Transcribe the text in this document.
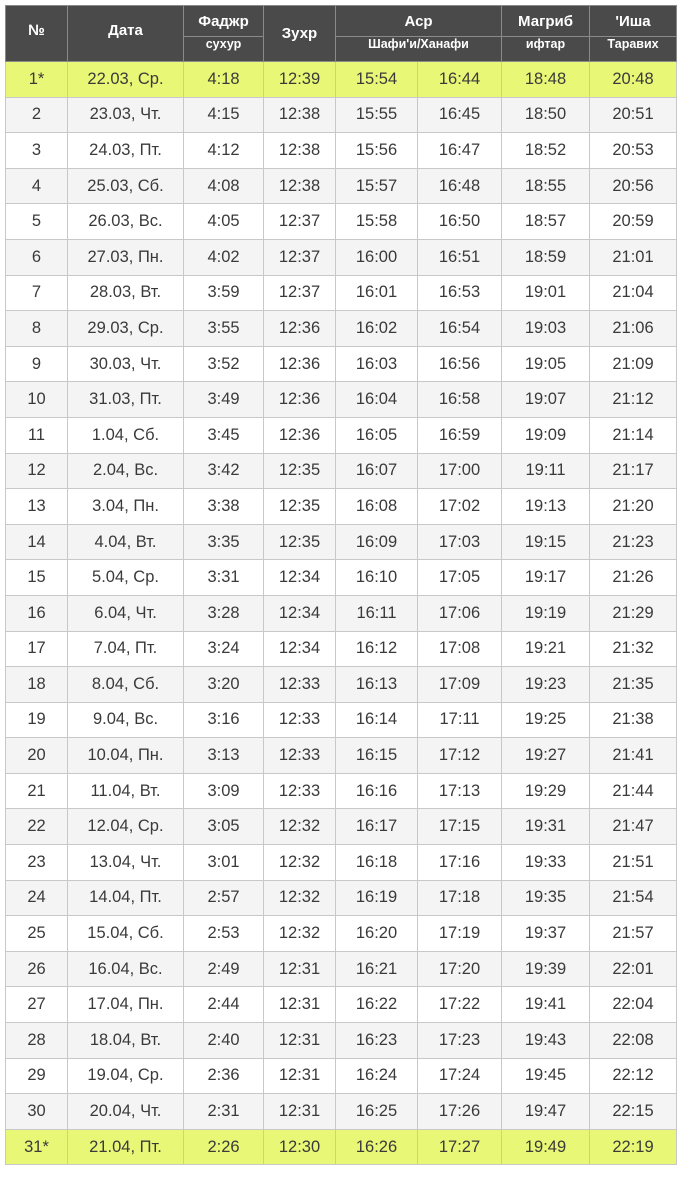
№	Дата	Фаджр	Зухр	Аср		Магриб	'Иша
		сухур		Шафи'и/Ханафи		ифтар	Таравих
1*	22.03, Ср.	4:18	12:39	15:54	16:44	18:48	20:48
2	23.03, Чт.	4:15	12:38	15:55	16:45	18:50	20:51
3	24.03, Пт.	4:12	12:38	15:56	16:47	18:52	20:53
4	25.03, Сб.	4:08	12:38	15:57	16:48	18:55	20:56
5	26.03, Вс.	4:05	12:37	15:58	16:50	18:57	20:59
6	27.03, Пн.	4:02	12:37	16:00	16:51	18:59	21:01
7	28.03, Вт.	3:59	12:37	16:01	16:53	19:01	21:04
8	29.03, Ср.	3:55	12:36	16:02	16:54	19:03	21:06
9	30.03, Чт.	3:52	12:36	16:03	16:56	19:05	21:09
10	31.03, Пт.	3:49	12:36	16:04	16:58	19:07	21:12
11	1.04, Сб.	3:45	12:36	16:05	16:59	19:09	21:14
12	2.04, Вс.	3:42	12:35	16:07	17:00	19:11	21:17
13	3.04, Пн.	3:38	12:35	16:08	17:02	19:13	21:20
14	4.04, Вт.	3:35	12:35	16:09	17:03	19:15	21:23
15	5.04, Ср.	3:31	12:34	16:10	17:05	19:17	21:26
16	6.04, Чт.	3:28	12:34	16:11	17:06	19:19	21:29
17	7.04, Пт.	3:24	12:34	16:12	17:08	19:21	21:32
18	8.04, Сб.	3:20	12:33	16:13	17:09	19:23	21:35
19	9.04, Вс.	3:16	12:33	16:14	17:11	19:25	21:38
20	10.04, Пн.	3:13	12:33	16:15	17:12	19:27	21:41
21	11.04, Вт.	3:09	12:33	16:16	17:13	19:29	21:44
22	12.04, Ср.	3:05	12:32	16:17	17:15	19:31	21:47
23	13.04, Чт.	3:01	12:32	16:18	17:16	19:33	21:51
24	14.04, Пт.	2:57	12:32	16:19	17:18	19:35	21:54
25	15.04, Сб.	2:53	12:32	16:20	17:19	19:37	21:57
26	16.04, Вс.	2:49	12:31	16:21	17:20	19:39	22:01
27	17.04, Пн.	2:44	12:31	16:22	17:22	19:41	22:04
28	18.04, Вт.	2:40	12:31	16:23	17:23	19:43	22:08
29	19.04, Ср.	2:36	12:31	16:24	17:24	19:45	22:12
30	20.04, Чт.	2:31	12:31	16:25	17:26	19:47	22:15
31*	21.04, Пт.	2:26	12:30	16:26	17:27	19:49	22:19
